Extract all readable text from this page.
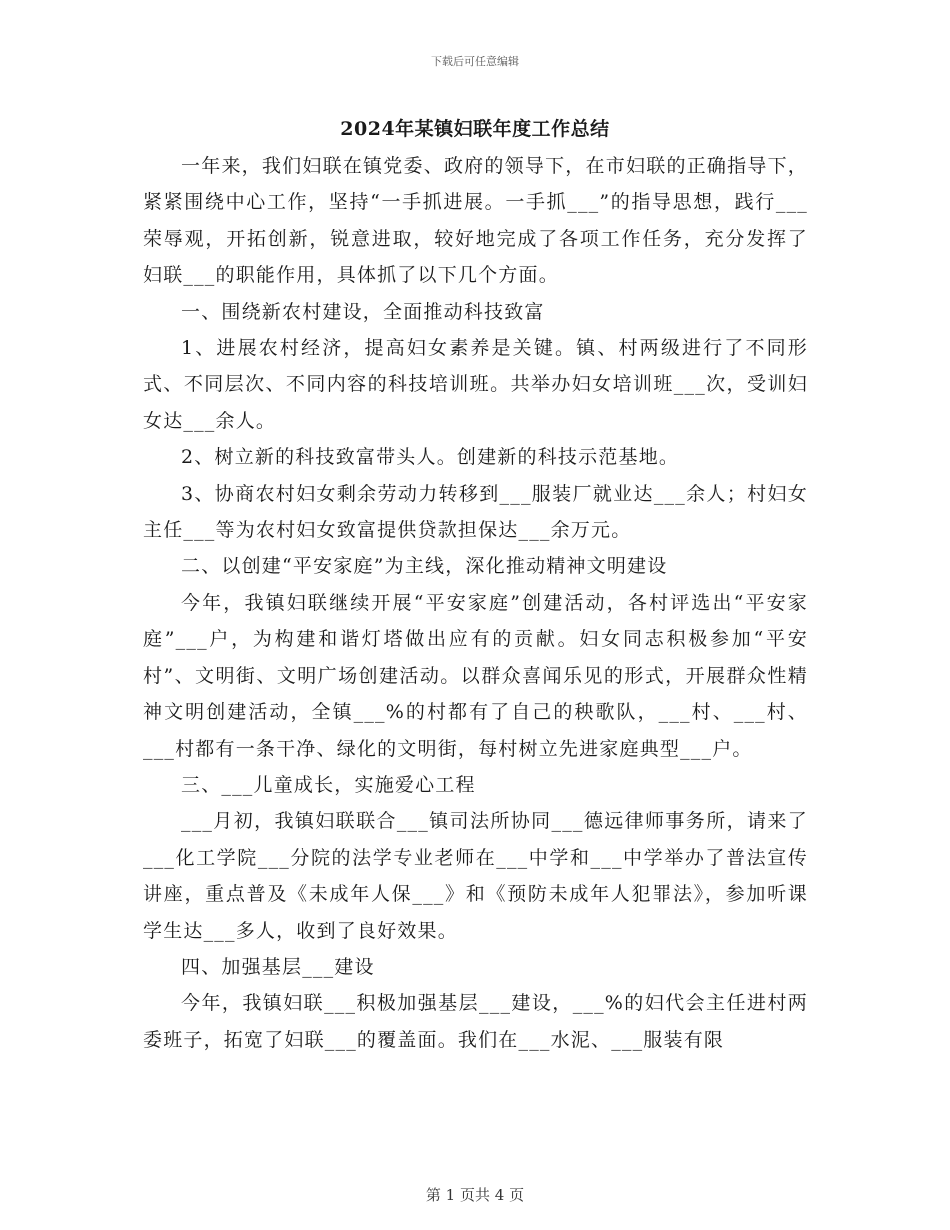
下载后可任意编辑
2024年某镇妇联年度工作总结

一年来，我们妇联在镇党委、政府的领导下，在市妇联的正确指导下，紧紧围绕中心工作，坚持“一手抓进展。一手抓___”的指导思想，践行___荣辱观，开拓创新，锐意进取，较好地完成了各项工作任务，充分发挥了妇联___的职能作用，具体抓了以下几个方面。

一、围绕新农村建设，全面推动科技致富

1、进展农村经济，提高妇女素养是关键。镇、村两级进行了不同形式、不同层次、不同内容的科技培训班。共举办妇女培训班___次，受训妇女达___余人。

2、树立新的科技致富带头人。创建新的科技示范基地。

3、协商农村妇女剩余劳动力转移到___服装厂就业达___余人；村妇女主任___等为农村妇女致富提供贷款担保达___余万元。

二、以创建“平安家庭”为主线，深化推动精神文明建设

今年，我镇妇联继续开展“平安家庭”创建活动，各村评选出“平安家庭”___户，为构建和谐灯塔做出应有的贡献。妇女同志积极参加“平安村”、文明街、文明广场创建活动。以群众喜闻乐见的形式，开展群众性精神文明创建活动，全镇___%的村都有了自己的秧歌队，___村、___村、___村都有一条干净、绿化的文明街，每村树立先进家庭典型___户。

三、___儿童成长，实施爱心工程

___月初，我镇妇联联合___镇司法所协同___德远律师事务所，请来了___化工学院___分院的法学专业老师在___中学和___中学举办了普法宣传讲座，重点普及《未成年人保___》和《预防未成年人犯罪法》，参加听课学生达___多人，收到了良好效果。

四、加强基层___建设

今年，我镇妇联___积极加强基层___建设，___%的妇代会主任进村两委班子，拓宽了妇联___的覆盖面。我们在___水泥、___服装有限

第 1 页共 4 页
